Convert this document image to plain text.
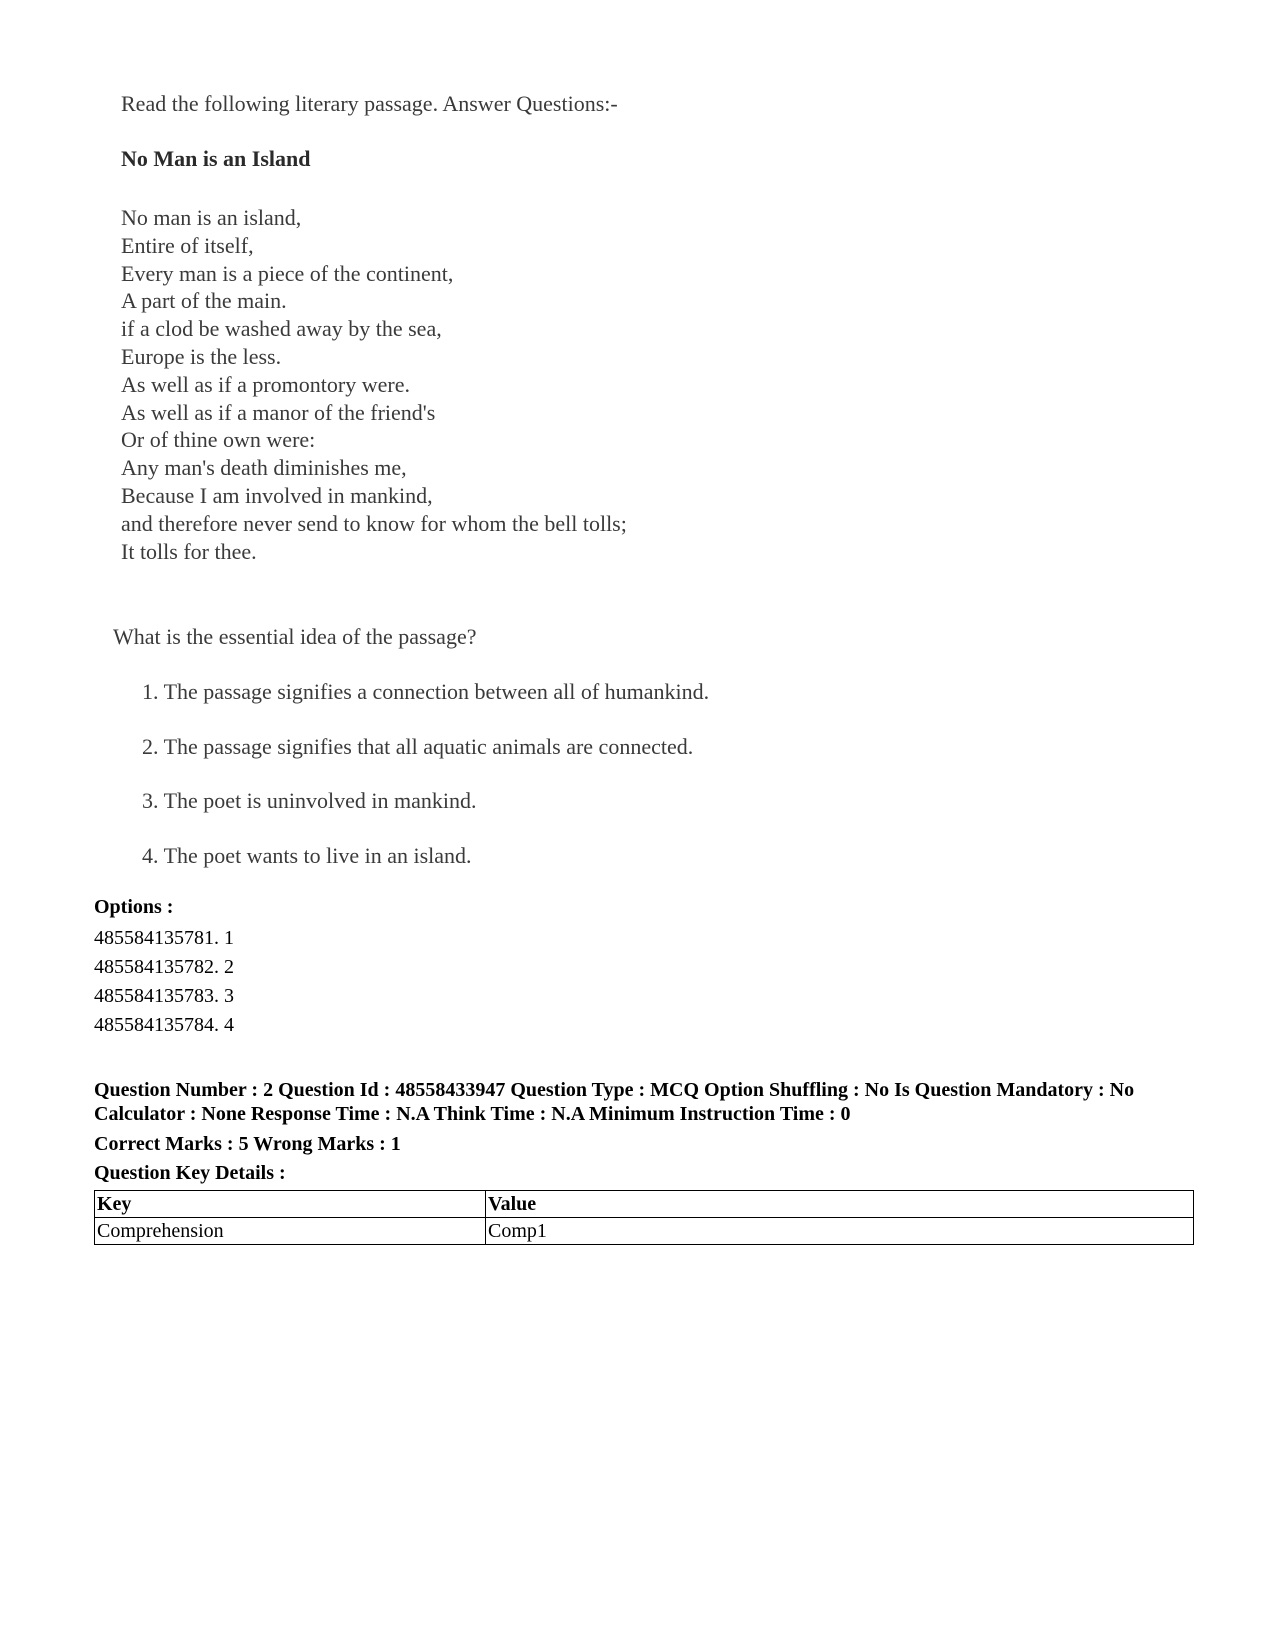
Read the following literary passage. Answer Questions:-

No Man is an Island

No man is an island,
Entire of itself,
Every man is a piece of the continent,
A part of the main.
if a clod be washed away by the sea,
Europe is the less.
As well as if a promontory were.
As well as if a manor of the friend's
Or of thine own were:
Any man's death diminishes me,
Because I am involved in mankind,
and therefore never send to know for whom the bell tolls;
It tolls for thee.

What is the essential idea of the passage?

1. The passage signifies a connection between all of humankind.
2. The passage signifies that all aquatic animals are connected.
3. The poet is uninvolved in mankind.
4. The poet wants to live in an island.

Options :

485584135781. 1
485584135782. 2
485584135783. 3
485584135784. 4

Question Number : 2 Question Id : 48558433947 Question Type : MCQ Option Shuffling : No Is Question Mandatory : No Calculator : None Response Time : N.A Think Time : N.A Minimum Instruction Time : 0

Correct Marks : 5 Wrong Marks : 1

Question Key Details :

Key	Value
Comprehension	Comp1
